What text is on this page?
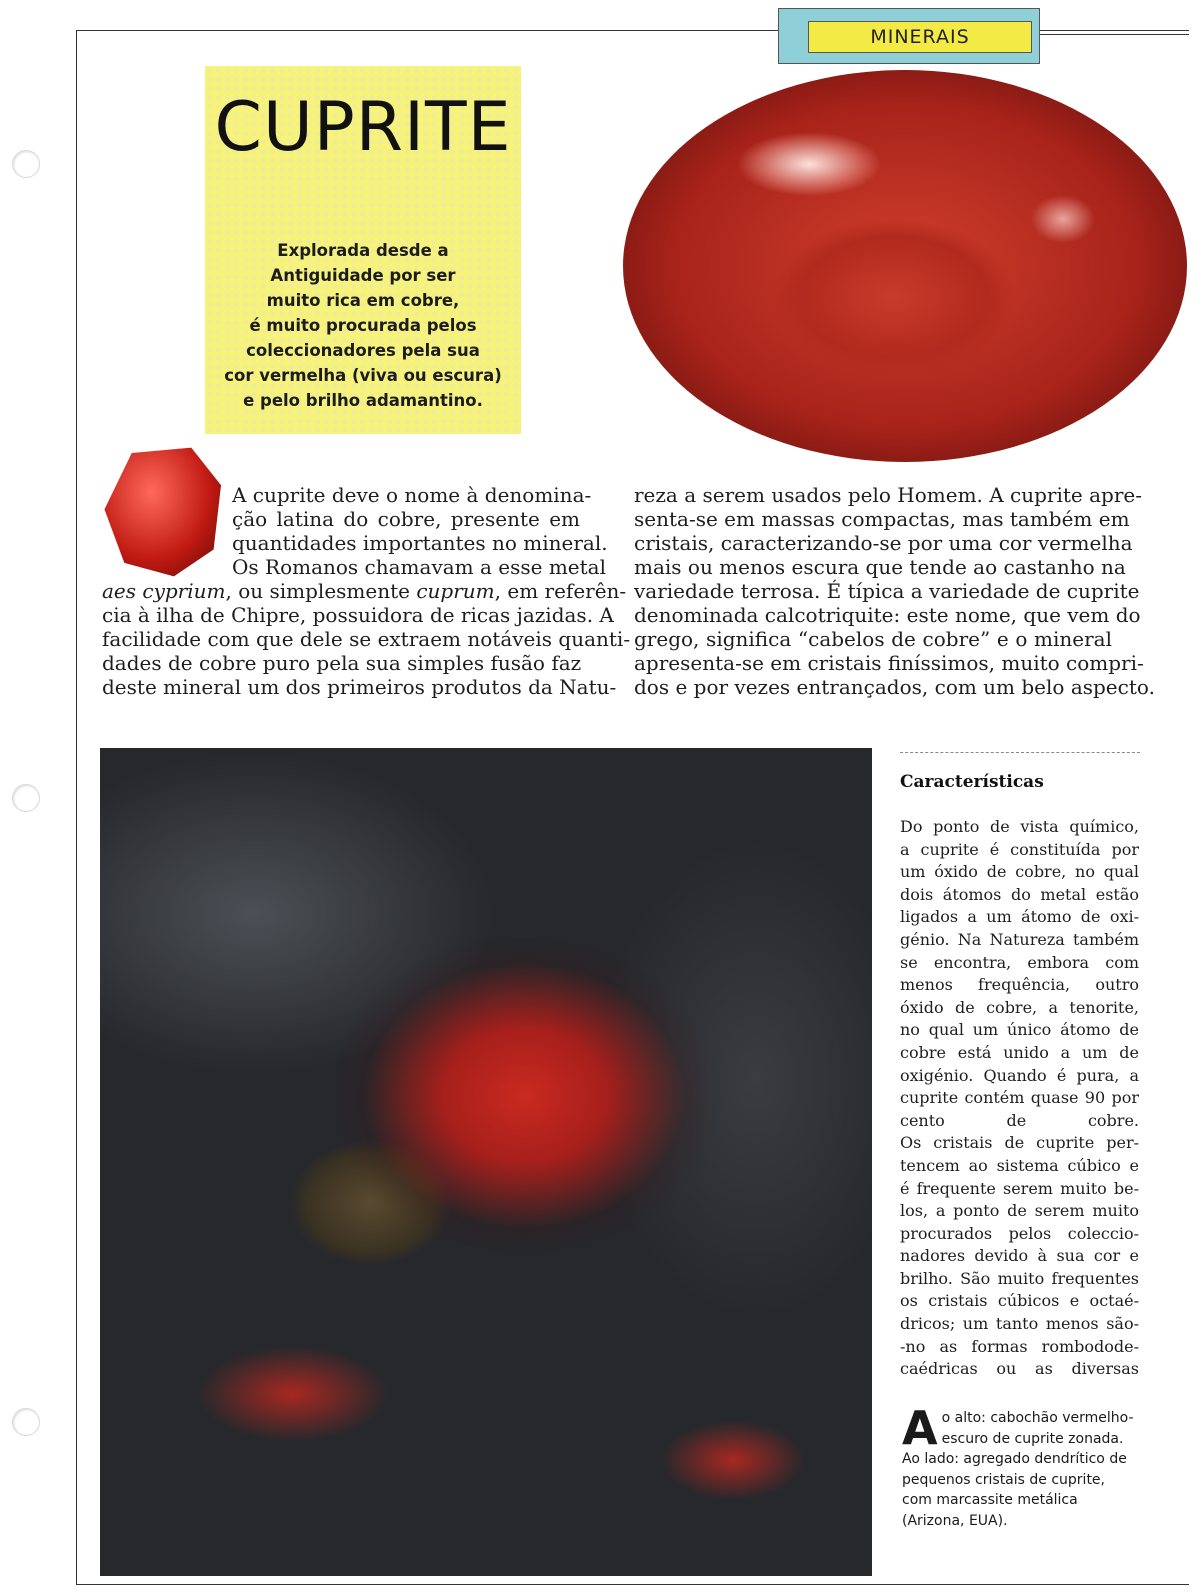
MINERAIS
CUPRITE
Explorada desde a
Antiguidade por ser
muito rica em cobre,
é muito procurada pelos
coleccionadores pela sua
cor vermelha (viva ou escura)
e pelo brilho adamantino.
A cuprite deve o nome à denomina-
ção latina do cobre, presente em
quantidades importantes no mineral.
Os Romanos chamavam a esse metal
aes cyprium, ou simplesmente cuprum, em referên-
cia à ilha de Chipre, possuidora de ricas jazidas. A
facilidade com que dele se extraem notáveis quanti-
dades de cobre puro pela sua simples fusão faz
deste mineral um dos primeiros produtos da Natu-
reza a serem usados pelo Homem. A cuprite apre-
senta-se em massas compactas, mas também em
cristais, caracterizando-se por uma cor vermelha
mais ou menos escura que tende ao castanho na
variedade terrosa. É típica a variedade de cuprite
denominada calcotriquite: este nome, que vem do
grego, significa “cabelos de cobre” e o mineral
apresenta-se em cristais finíssimos, muito compri-
dos e por vezes entrançados, com um belo aspecto.
Características
Do ponto de vista químico,
a cuprite é constituída por
um óxido de cobre, no qual
dois átomos do metal estão
ligados a um átomo de oxi-
génio. Na Natureza também
se encontra, embora com
menos frequência, outro
óxido de cobre, a tenorite,
no qual um único átomo de
cobre está unido a um de
oxigénio. Quando é pura, a
cuprite contém quase 90 por
cento de cobre.
Os cristais de cuprite per-
tencem ao sistema cúbico e
é frequente serem muito be-
los, a ponto de serem muito
procurados pelos coleccio-
nadores devido à sua cor e
brilho. São muito frequentes
os cristais cúbicos e octaé-
dricos; um tanto menos são-
-no as formas rombodode-
caédricas ou as diversas
A o alto: cabochão vermelho-escuro de cuprite zonada. Ao lado: agregado dendrítico de pequenos cristais de cuprite, com marcassite metálica (Arizona, EUA).
